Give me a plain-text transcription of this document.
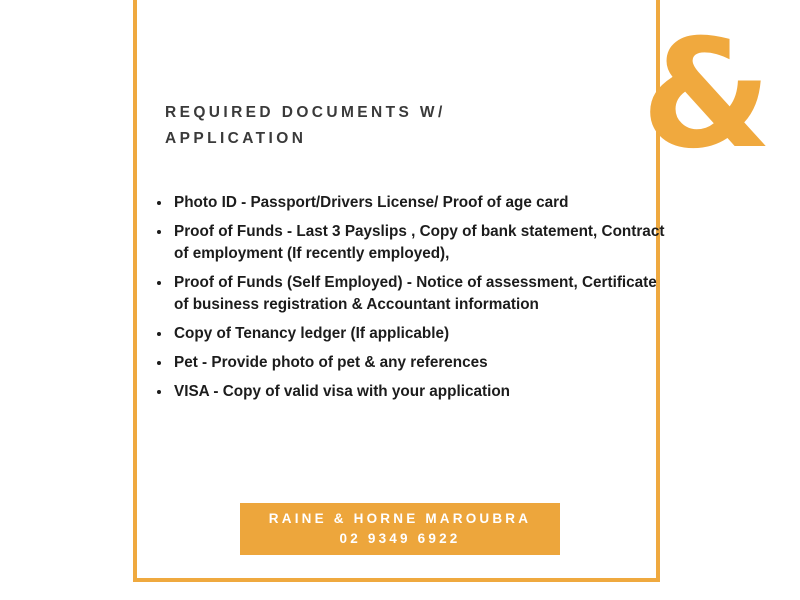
&
REQUIRED DOCUMENTS W/ APPLICATION
• Photo ID - Passport/Drivers License/ Proof of age card
• Proof of Funds - Last 3 Payslips , Copy of bank statement, Contract of employment (If recently employed),
• Proof of Funds (Self Employed) - Notice of assessment, Certificate of business registration & Accountant information
• Copy of Tenancy ledger (If applicable)
• Pet - Provide photo of pet & any references
• VISA - Copy of valid visa with your application
RAINE & HORNE MAROUBRA
02 9349 6922
